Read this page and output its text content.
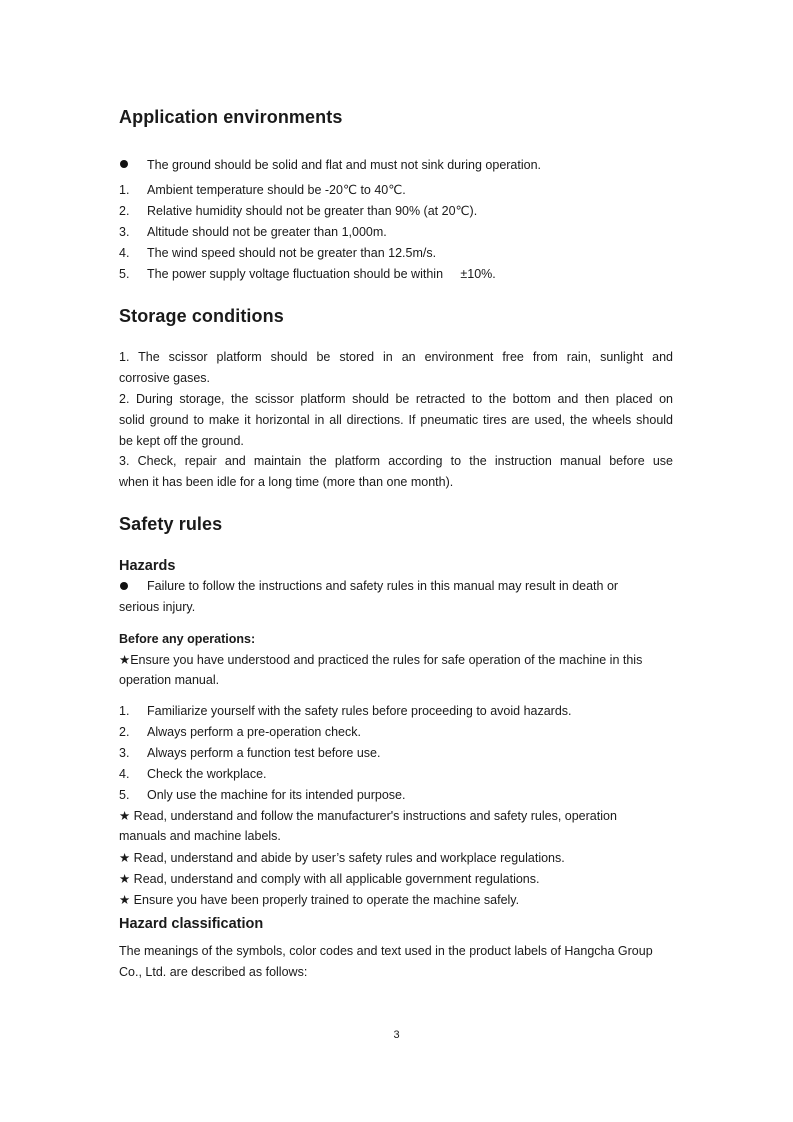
Application environments
The ground should be solid and flat and must not sink during operation.
1. Ambient temperature should be -20℃ to 40℃.
2. Relative humidity should not be greater than 90% (at 20℃).
3. Altitude should not be greater than 1,000m.
4. The wind speed should not be greater than 12.5m/s.
5. The power supply voltage fluctuation should be within     ±10%.
Storage conditions
1. The scissor platform should be stored in an environment free from rain, sunlight and
corrosive gases.
2. During storage, the scissor platform should be retracted to the bottom and then placed on
solid ground to make it horizontal in all directions. If pneumatic tires are used, the wheels should
be kept off the ground.
3. Check, repair and maintain the platform according to the instruction manual before use
when it has been idle for a long time (more than one month).
Safety rules
Hazards
Failure to follow the instructions and safety rules in this manual may result in death or
serious injury.
Before any operations:
★Ensure you have understood and practiced the rules for safe operation of the machine in this
operation manual.
1. Familiarize yourself with the safety rules before proceeding to avoid hazards.
2. Always perform a pre-operation check.
3. Always perform a function test before use.
4. Check the workplace.
5. Only use the machine for its intended purpose.
★ Read, understand and follow the manufacturer's instructions and safety rules, operation
manuals and machine labels.
★ Read, understand and abide by user’s safety rules and workplace regulations.
★ Read, understand and comply with all applicable government regulations.
★ Ensure you have been properly trained to operate the machine safely.
Hazard classification
The meanings of the symbols, color codes and text used in the product labels of Hangcha Group
Co., Ltd. are described as follows:
3
